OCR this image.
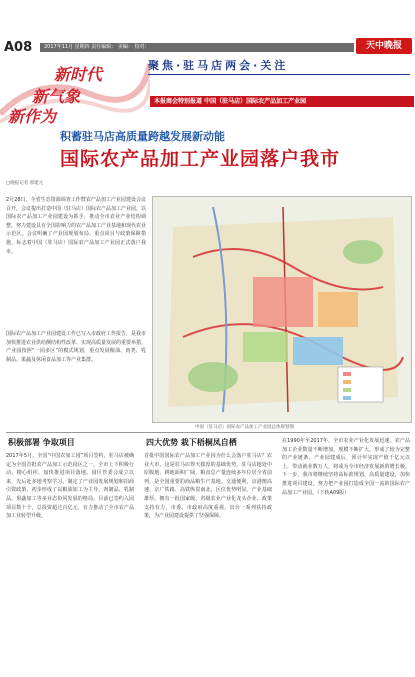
A08	2017年11月 星期四 责任编辑： 美编： 校对：	天中晚报
新时代
新气象
新作为
聚焦·驻马店两会·关注
本报商会特别报道 中国（驻马店）国际农产品加工产业园
积蓄驻马店高质量跨越发展新动能
国际农产品加工产业园落户我市
□晚报记者 郭建元
2月28日，全省生态资源调查工作暨农产品加工产业园建设会议召开，会议提出打造中国（驻马店）国际农产品加工产业园，以国际农产品加工产业园建设为抓手，推动全市农业产业结构调整，努力建设具有全国影响力的农产品加工产业基地和现代农业示范区。会议明确了产业园规划布局、重点项目与政策保障措施，标志着中国（驻马店）国际农产品加工产业园正式落户我市。
国际农产品加工产业园建设工作已写入市政府工作报告，是我市加快推进农业供给侧结构性改革、实现高质量发展的重要举措。产业园按照“一园多区”的模式规划，重点发展粮油、肉类、乳制品、果蔬及休闲食品加工等产业集群。
中国（驻马店）国际农产品加工产业园总体规划图
积极部署 争取项目
2017年5月，全国“中国农加工园”项目签约，驻马店被确定为全国首批农产品加工示范园区之一，全市上下积极行动，精心组织，加快推进项目落地。园区管委会成立以来，先后赴多地考察学习，制定了产业园发展规划和招商引资政策，初步形成了以粮油加工为主导，肉制品、乳制品、果蔬加工等多业态协同发展的格局。目前已签约入园项目数十个，总投资超过百亿元，有力推动了全市农产品加工业转型升级。
四大优势 栽下梧桐凤自栖
首批中国国际农产品加工产业园为什么会落户驻马店？农业大市，这是驻马店得天独厚的基础优势。驻马店地处中原腹地，耕地面积广阔，粮食总产量连续多年位居全省前列，是全国重要的商品粮生产基地。交通便利，京港澳高速、京广铁路、高铁纵贯南北，区位优势明显。产业基础雄厚，拥有一批国家级、省级农业产业化龙头企业。政策支持有力，市委、市政府高度重视，出台一系列扶持政策，为产业园建设提供了坚强保障。
在1990年至2017年，全市农业产业化发展迅速，农产品加工企业数量不断增加，规模不断扩大，形成了较为完整的产业链条。产业园建成后，预计年实现产值千亿元以上，带动就业数万人，将成为全市经济发展新的增长极。下一步，我市将继续坚持高标准规划、高质量建设，加快推进项目建设，努力把产业园打造成全国一流的国际农产品加工产业园。（下转A09版）
